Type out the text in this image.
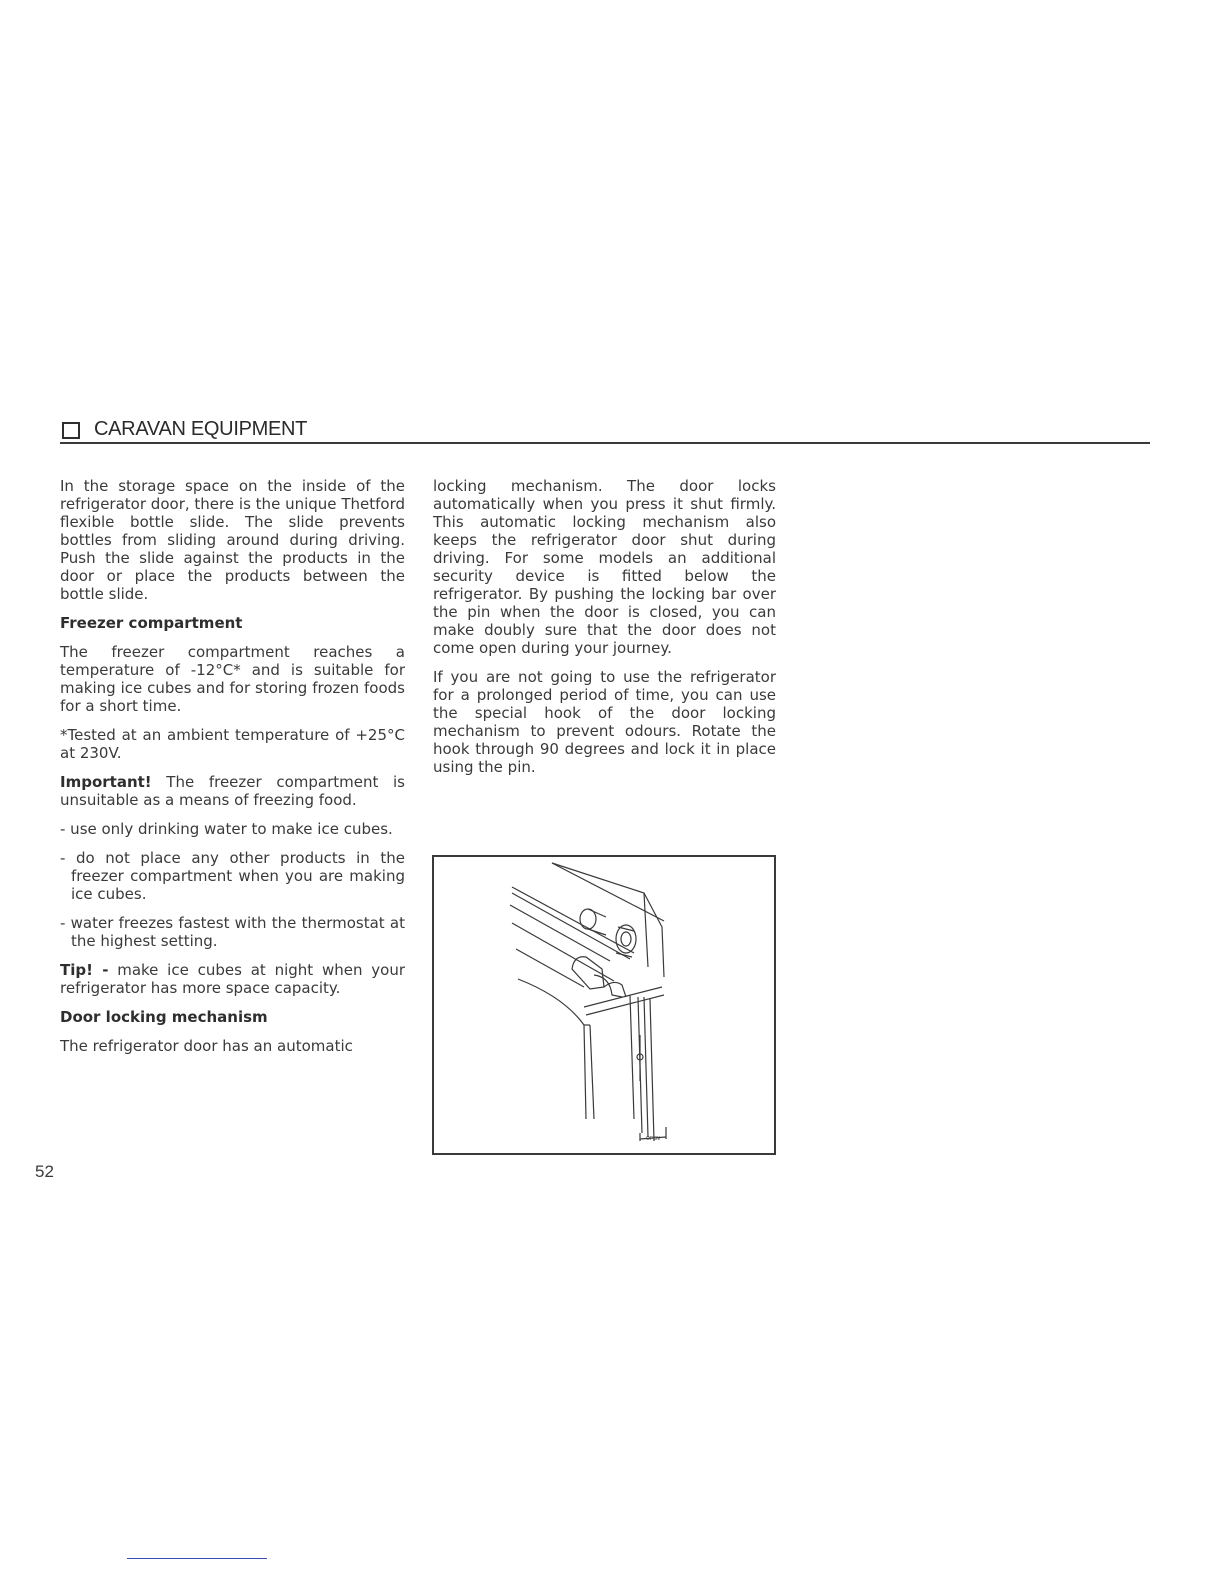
CARAVAN EQUIPMENT

In the storage space on the inside of the refrigerator door, there is the unique Thetford flexible bottle slide. The slide prevents bottles from sliding around during driving. Push the slide against the products in the door or place the products between the bottle slide.

Freezer compartment

The freezer compartment reaches a temperature of -12°C* and is suitable for making ice cubes and for storing frozen foods for a short time.

*Tested at an ambient temperature of +25°C at 230V.

Important! The freezer compartment is unsuitable as a means of freezing food.

- use only drinking water to make ice cubes.

- do not place any other products in the freezer compartment when you are making ice cubes.

- water freezes fastest with the thermostat at the highest setting.

Tip! - make ice cubes at night when your refrigerator has more space capacity.

Door locking mechanism

The refrigerator door has an automatic

locking mechanism. The door locks automatically when you press it shut firmly. This automatic locking mechanism also keeps the refrigerator door shut during driving. For some models an additional security device is fitted below the refrigerator. By pushing the locking bar over the pin when the door is closed, you can make doubly sure that the door does not come open during your journey.

If you are not going to use the refrigerator for a prolonged period of time, you can use the special hook of the door locking mechanism to prevent odours. Rotate the hook through 90 degrees and lock it in place using the pin.

OPEN
52
